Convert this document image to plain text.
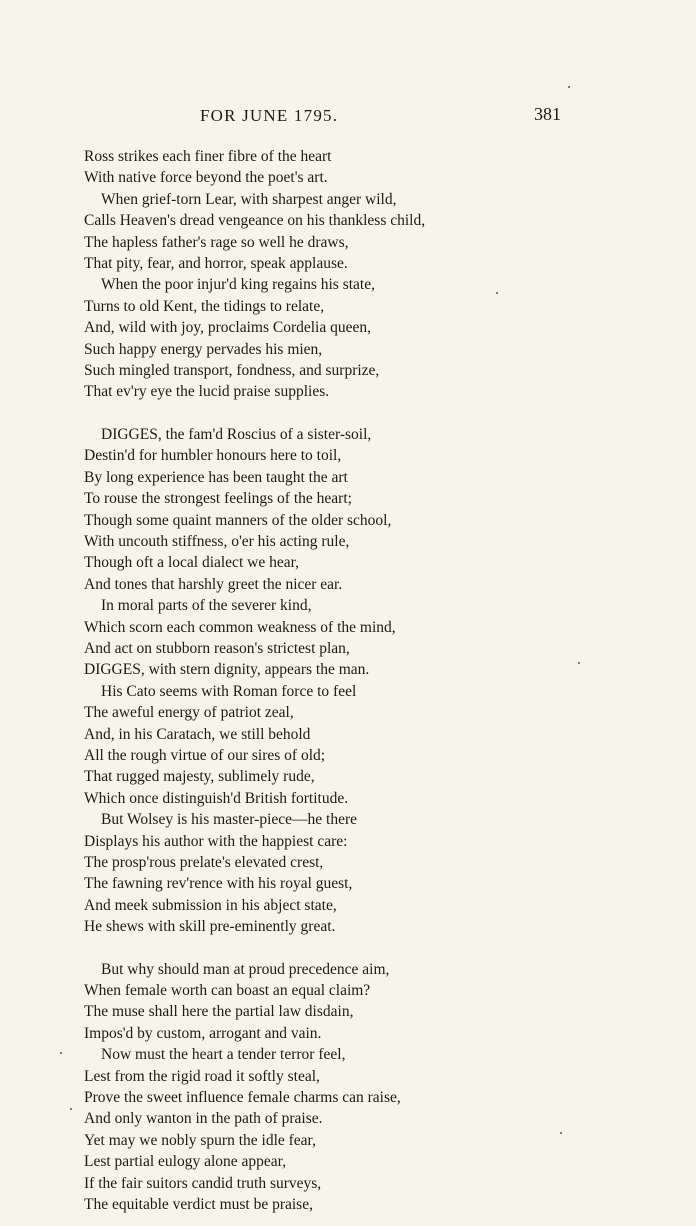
FOR JUNE 1795.	381
Ross strikes each finer fibre of the heart
With native force beyond the poet's art.
When grief-torn Lear, with sharpest anger wild,
Calls Heaven's dread vengeance on his thankless child,
The hapless father's rage so well he draws,
That pity, fear, and horror, speak applause.
When the poor injur'd king regains his state,
Turns to old Kent, the tidings to relate,
And, wild with joy, proclaims Cordelia queen,
Such happy energy pervades his mien,
Such mingled transport, fondness, and surprize,
That ev'ry eye the lucid praise supplies.
DIGGES, the fam'd Roscius of a sister-soil,
Destin'd for humbler honours here to toil,
By long experience has been taught the art
To rouse the strongest feelings of the heart;
Though some quaint manners of the older school,
With uncouth stiffness, o'er his acting rule,
Though oft a local dialect we hear,
And tones that harshly greet the nicer ear.
In moral parts of the severer kind,
Which scorn each common weakness of the mind,
And act on stubborn reason's strictest plan,
DIGGES, with stern dignity, appears the man.
His Cato seems with Roman force to feel
The aweful energy of patriot zeal,
And, in his Caratach, we still behold
All the rough virtue of our sires of old;
That rugged majesty, sublimely rude,
Which once distinguish'd British fortitude.
But Wolsey is his master-piece—he there
Displays his author with the happiest care:
The prosp'rous prelate's elevated crest,
The fawning rev'rence with his royal guest,
And meek submission in his abject state,
He shews with skill pre-eminently great.
But why should man at proud precedence aim,
When female worth can boast an equal claim?
The muse shall here the partial law disdain,
Impos'd by custom, arrogant and vain.
Now must the heart a tender terror feel,
Lest from the rigid road it softly steal,
Prove the sweet influence female charms can raise,
And only wanton in the path of praise.
Yet may we nobly spurn the idle fear,
Lest partial eulogy alone appear,
If the fair suitors candid truth surveys,
The equitable verdict must be praise,
